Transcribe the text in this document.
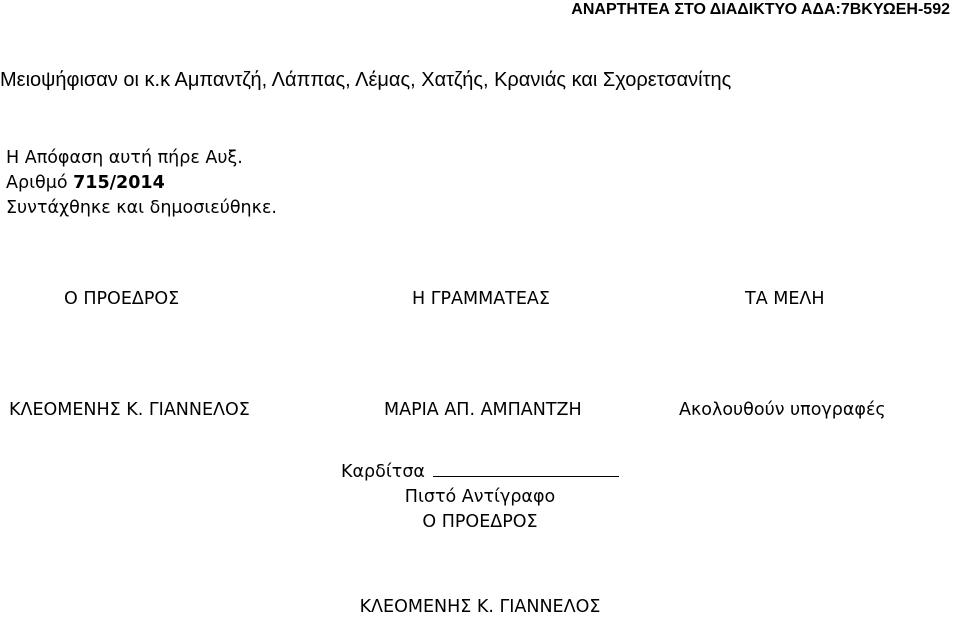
ΑΝΑΡΤΗΤΕΑ ΣΤΟ ΔΙΑΔΙΚΤΥΟ ΑΔΑ:7ΒΚΥΩΕΗ-592
Μειοψήφισαν οι κ.κ Αμπαντζή, Λάππας, Λέμας, Χατζής, Κρανιάς και Σχορετσανίτης
Η Απόφαση αυτή πήρε Αυξ.
Αριθμό 715/2014
Συντάχθηκε και δημοσιεύθηκε.
Ο ΠΡΟΕΔΡΟΣ	Η ΓΡΑΜΜΑΤΕΑΣ	ΤΑ ΜΕΛΗ
ΚΛΕΟΜΕΝΗΣ Κ. ΓΙΑΝΝΕΛΟΣ	ΜΑΡΙΑ ΑΠ. ΑΜΠΑΝΤΖΗ	Ακολουθούν υπογραφές
Καρδίτσα
Πιστό Αντίγραφο
Ο ΠΡΟΕΔΡΟΣ
ΚΛΕΟΜΕΝΗΣ Κ. ΓΙΑΝΝΕΛΟΣ
